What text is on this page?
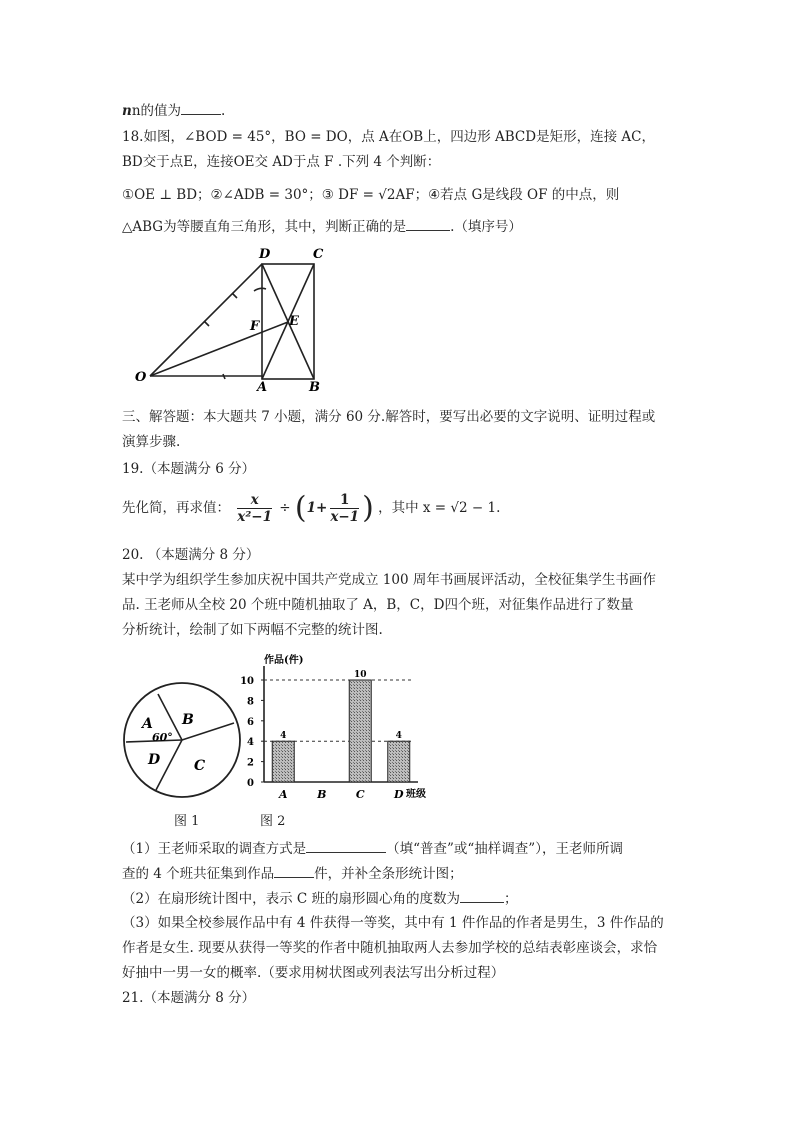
nn的值为	.
18.如图，∠BOD = 45°，BO = DO，点 A在OB上，四边形 ABCD是矩形，连接 AC，
BD交于点E，连接OE交 AD于点 F .下列 4 个判断：
①OE ⊥ BD；②∠ADB = 30°；③ DF = √2AF；④若点 G是线段 OF 的中点，则
△ABG为等腰直角三角形，其中，判断正确的是	.（填序号）
D	C
F E
O
A	B
三、解答题：本大题共 7 小题，满分 60 分.解答时，要写出必要的文字说明、证明过程或
演算步骤.
19.（本题满分 6 分）
先化简，再求值： $\frac{x}{\text{x²−1}} \div (1+ \frac{1}{x-1}$ ) ，其中 x = √2 − 1.
20. （本题满分 8 分）
某中学为组织学生参加庆祝中国共产党成立 100 周年书画展评活动，全校征集学生书画作
品. 王老师从全校 20 个班中随机抽取了 A，B，C，D四个班，对征集作品进行了数量
分析统计，绘制了如下两幅不完整的统计图.
A B
D C
60°
作品(件)
班级
0
2
4
6
8
10
4
A	B
10
C
4
D
图 1	图 2
（1）王老师采取的调查方式是	（填“普查”或“抽样调查”），王老师所调
查的 4 个班共征集到作品	件，并补全条形统计图；
（2）在扇形统计图中，表示 C 班的扇形圆心角的度数为	；
（3）如果全校参展作品中有 4 件获得一等奖，其中有 1 件作品的作者是男生，3 件作品的
作者是女生. 现要从获得一等奖的作者中随机抽取两人去参加学校的总结表彰座谈会，求恰
好抽中一男一女的概率.（要求用树状图或列表法写出分析过程）
21.（本题满分 8 分）
